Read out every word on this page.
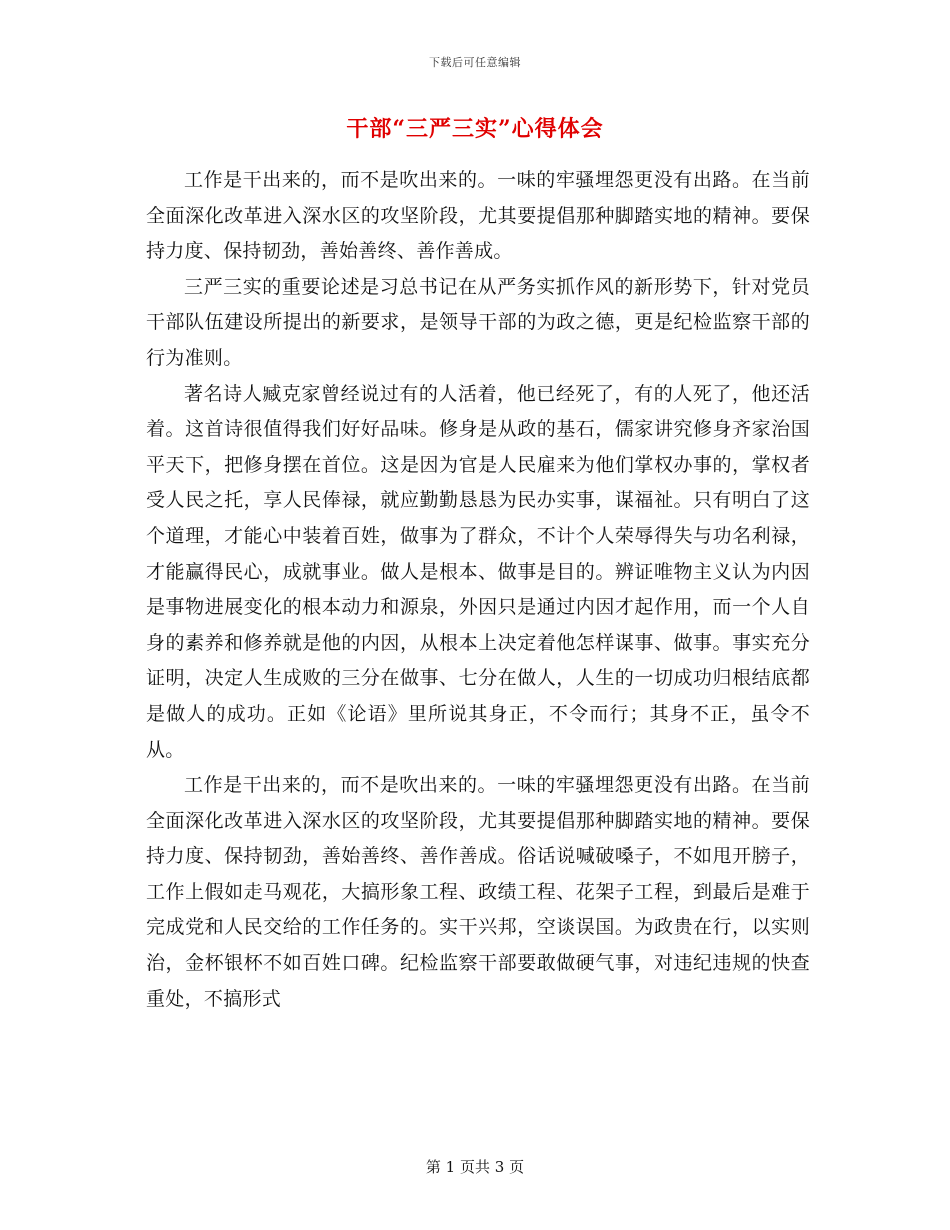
下载后可任意编辑
干部“三严三实”心得体会

工作是干出来的，而不是吹出来的。一味的牢骚埋怨更没有出路。在当前全面深化改革进入深水区的攻坚阶段，尤其要提倡那种脚踏实地的精神。要保持力度、保持韧劲，善始善终、善作善成。

三严三实的重要论述是习总书记在从严务实抓作风的新形势下，针对党员干部队伍建设所提出的新要求，是领导干部的为政之德，更是纪检监察干部的行为准则。

著名诗人臧克家曾经说过有的人活着，他已经死了，有的人死了，他还活着。这首诗很值得我们好好品味。修身是从政的基石，儒家讲究修身齐家治国平天下，把修身摆在首位。这是因为官是人民雇来为他们掌权办事的，掌权者受人民之托，享人民俸禄，就应勤勤恳恳为民办实事，谋福祉。只有明白了这个道理，才能心中装着百姓，做事为了群众，不计个人荣辱得失与功名利禄，才能赢得民心，成就事业。做人是根本、做事是目的。辨证唯物主义认为内因是事物进展变化的根本动力和源泉，外因只是通过内因才起作用，而一个人自身的素养和修养就是他的内因，从根本上决定着他怎样谋事、做事。事实充分证明，决定人生成败的三分在做事、七分在做人，人生的一切成功归根结底都是做人的成功。正如《论语》里所说其身正，不令而行；其身不正，虽令不从。

工作是干出来的，而不是吹出来的。一味的牢骚埋怨更没有出路。在当前全面深化改革进入深水区的攻坚阶段，尤其要提倡那种脚踏实地的精神。要保持力度、保持韧劲，善始善终、善作善成。俗话说喊破嗓子，不如甩开膀子，工作上假如走马观花，大搞形象工程、政绩工程、花架子工程，到最后是难于完成党和人民交给的工作任务的。实干兴邦，空谈误国。为政贵在行，以实则治，金杯银杯不如百姓口碑。纪检监察干部要敢做硬气事，对违纪违规的快查重处，不搞形式

第 1 页共 3 页
